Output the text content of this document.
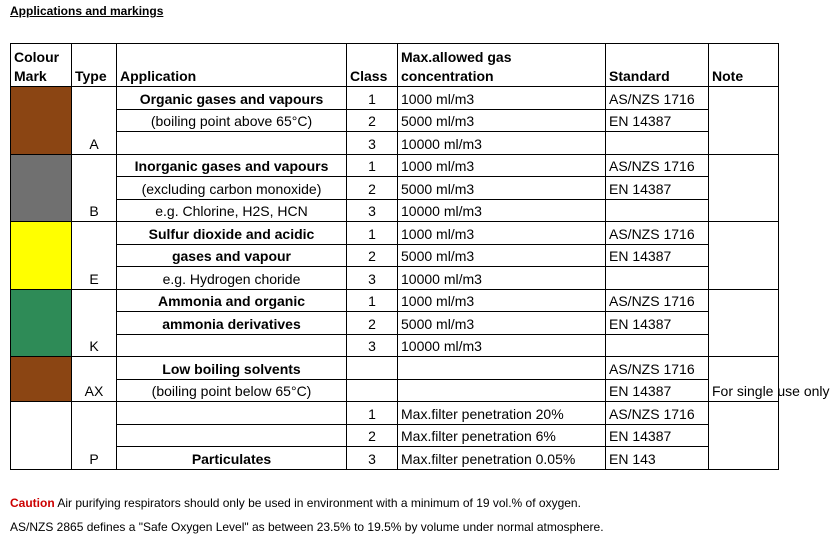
Applications and markings
Colour Mark	Type	Application	Class	Max.allowed gas concentration	Standard	Note
	A	Organic gases and vapours	1	1000 ml/m3	AS/NZS 1716	
		(boiling point above 65°C)	2	5000 ml/m3	EN 14387	
			3	10000 ml/m3		
	B	Inorganic gases and vapours	1	1000 ml/m3	AS/NZS 1716	
		(excluding carbon monoxide)	2	5000 ml/m3	EN 14387	
		e.g. Chlorine, H2S, HCN	3	10000 ml/m3		
	E	Sulfur dioxide and acidic	1	1000 ml/m3	AS/NZS 1716	
		gases and vapour	2	5000 ml/m3	EN 14387	
		e.g. Hydrogen choride	3	10000 ml/m3		
	K	Ammonia and organic	1	1000 ml/m3	AS/NZS 1716	
		ammonia derivatives	2	5000 ml/m3	EN 14387	
			3	10000 ml/m3		
	AX	Low boiling solvents			AS/NZS 1716	For single use only
		(boiling point below 65°C)			EN 14387	
	P		1	Max.filter penetration 20%	AS/NZS 1716	
			2	Max.filter penetration 6%	EN 14387	
		Particulates	3	Max.filter penetration 0.05%	EN 143	
Caution Air purifying respirators should only be used in environment with a minimum of 19 vol.% of oxygen.
AS/NZS 2865 defines a "Safe Oxygen Level" as between 23.5% to 19.5% by volume under normal atmosphere.
